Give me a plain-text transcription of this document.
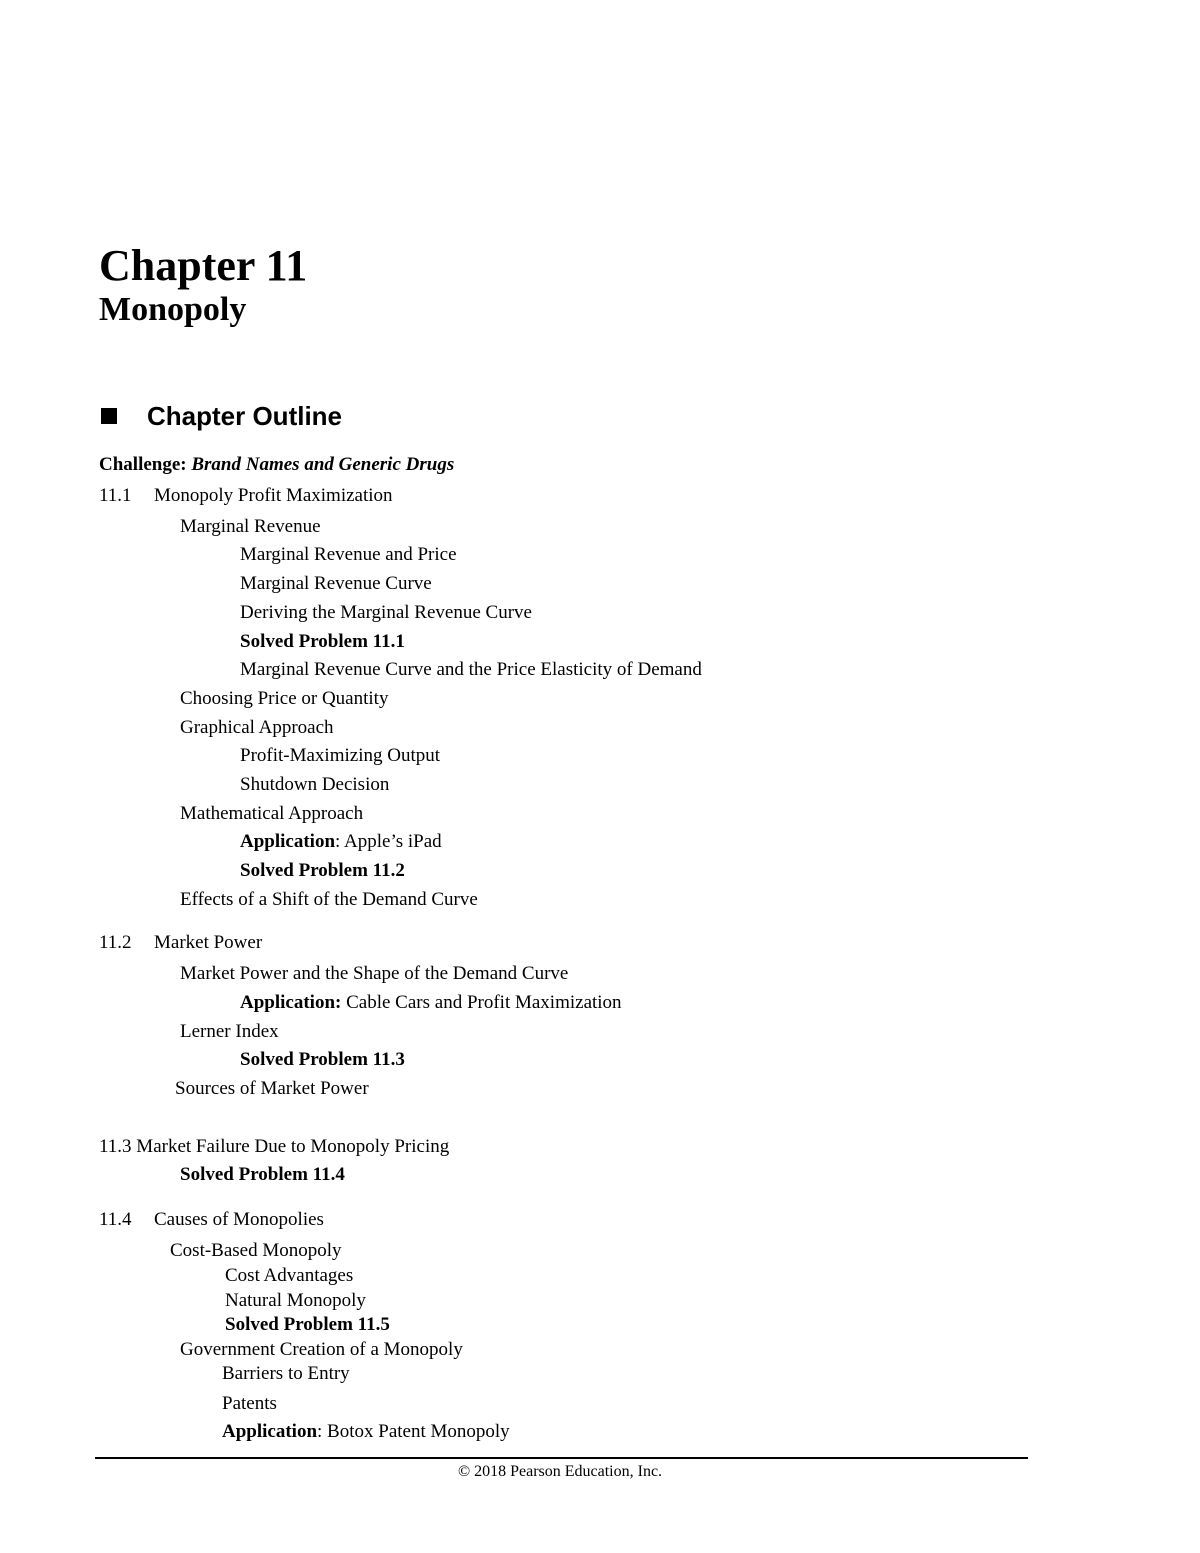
Chapter 11
Monopoly
Chapter Outline
Challenge: Brand Names and Generic Drugs
11.1 Monopoly Profit Maximization
Marginal Revenue
Marginal Revenue and Price
Marginal Revenue Curve
Deriving the Marginal Revenue Curve
Solved Problem 11.1
Marginal Revenue Curve and the Price Elasticity of Demand
Choosing Price or Quantity
Graphical Approach
Profit-Maximizing Output
Shutdown Decision
Mathematical Approach
Application: Apple’s iPad
Solved Problem 11.2
Effects of a Shift of the Demand Curve
11.2 Market Power
Market Power and the Shape of the Demand Curve
Application: Cable Cars and Profit Maximization
Lerner Index
Solved Problem 11.3
Sources of Market Power
11.3 Market Failure Due to Monopoly Pricing
Solved Problem 11.4
11.4 Causes of Monopolies
Cost-Based Monopoly
Cost Advantages
Natural Monopoly
Solved Problem 11.5
Government Creation of a Monopoly
Barriers to Entry
Patents
Application: Botox Patent Monopoly
© 2018 Pearson Education, Inc.
